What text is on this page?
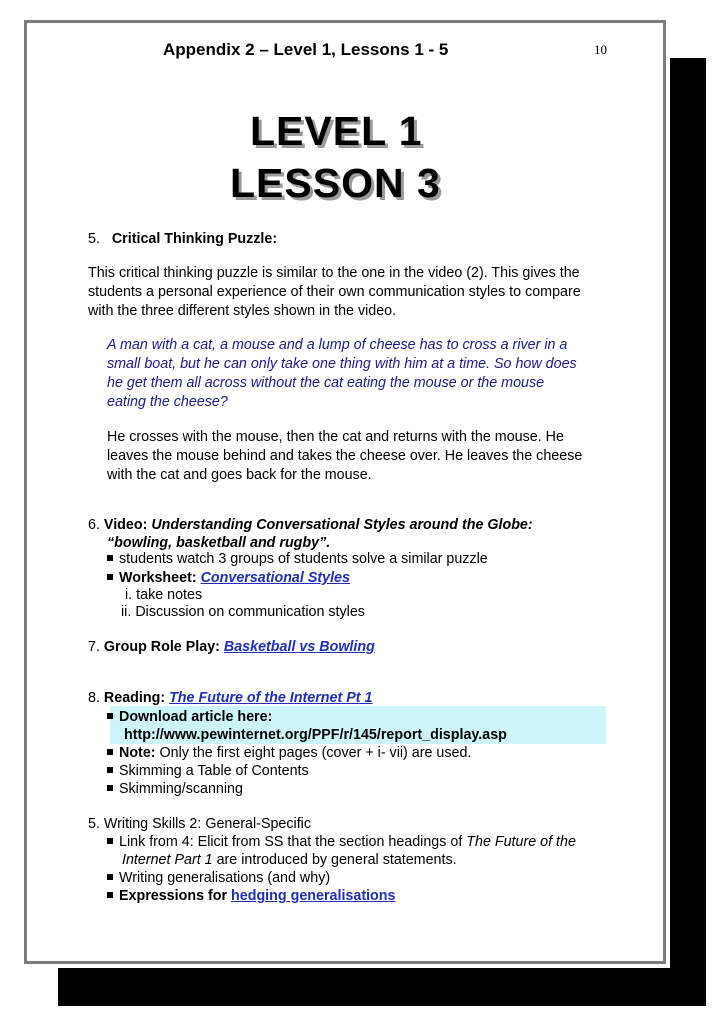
Appendix 2 – Level 1, Lessons 1 - 5	10
LEVEL 1
LESSON 3
5. Critical Thinking Puzzle:
This critical thinking puzzle is similar to the one in the video (2). This gives the
students a personal experience of their own communication styles to compare
with the three different styles shown in the video.
A man with a cat, a mouse and a lump of cheese has to cross a river in a
small boat, but he can only take one thing with him at a time. So how does
he get them all across without the cat eating the mouse or the mouse
eating the cheese?
He crosses with the mouse, then the cat and returns with the mouse. He
leaves the mouse behind and takes the cheese over. He leaves the cheese
with the cat and goes back for the mouse.
6. Video: Understanding Conversational Styles around the Globe:
“bowling, basketball and rugby”.
students watch 3 groups of students solve a similar puzzle
Worksheet: Conversational Styles
i. take notes
ii. Discussion on communication styles
7. Group Role Play: Basketball vs Bowling
8. Reading: The Future of the Internet Pt 1
Download article here:
http://www.pewinternet.org/PPF/r/145/report_display.asp
Note: Only the first eight pages (cover + i- vii) are used.
Skimming a Table of Contents
Skimming/scanning
5. Writing Skills 2: General-Specific
Link from 4: Elicit from SS that the section headings of The Future of the
Internet Part 1 are introduced by general statements.
Writing generalisations (and why)
Expressions for hedging generalisations
